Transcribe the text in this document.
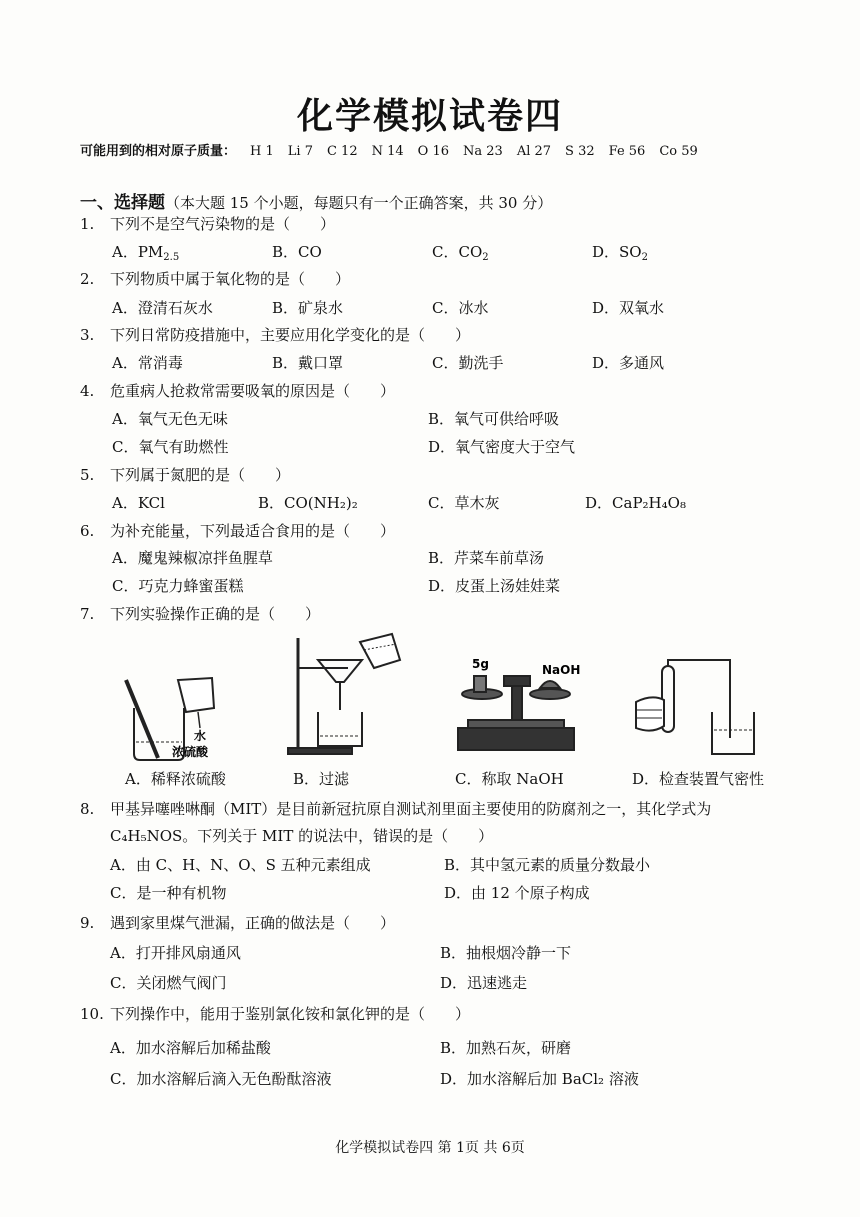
化学模拟试卷四
可能用到的相对原子质量： H 1 Li 7 C 12 N 14 O 16 Na 23 Al 27 S 32 Fe 56 Co 59
一、选择题（本大题 15 个小题，每题只有一个正确答案，共 30 分）
1. 下列不是空气污染物的是（　　）
A．$PM_{2.5}$	B．CO	C．$CO_2$	D．$SO_2$
2. 下列物质中属于氧化物的是（　　）
A．澄清石灰水	B．矿泉水	C．冰水	D．双氧水
3. 下列日常防疫措施中，主要应用化学变化的是（　　）
A．常消毒	B．戴口罩	C．勤洗手	D．多通风
4. 危重病人抢救常需要吸氧的原因是（　　）
A．氧气无色无味	B．氧气可供给呼吸
C．氧气有助燃性	D．氧气密度大于空气
5. 下列属于氮肥的是（　　）
A．KCl	B．CO(NH₂)₂	C．草木灰	D．CaP₂H₄O₈
6. 为补充能量，下列最适合食用的是（　　）
A．魔鬼辣椒凉拌鱼腥草	B．芹菜车前草汤
C．巧克力蜂蜜蛋糕	D．皮蛋上汤娃娃菜
7. 下列实验操作正确的是（　　）
水
浓硫酸
5g	NaOH
A．稀释浓硫酸	B．过滤	C．称取 NaOH	D．检查装置气密性
8. 甲基异噻唑啉酮（MIT）是目前新冠抗原自测试剂里面主要使用的防腐剂之一，其化学式为
C₄H₅NOS。下列关于 MIT 的说法中，错误的是（　　）
A．由 C、H、N、O、S 五种元素组成	B．其中氢元素的质量分数最小
C．是一种有机物	D．由 12 个原子构成
9. 遇到家里煤气泄漏，正确的做法是（　　）
A．打开排风扇通风	B．抽根烟冷静一下
C．关闭燃气阀门	D．迅速逃走
10. 下列操作中，能用于鉴别氯化铵和氯化钾的是（　　）
A．加水溶解后加稀盐酸	B．加熟石灰，研磨
C．加水溶解后滴入无色酚酞溶液	D．加水溶解后加 BaCl₂ 溶液
化学模拟试卷四 第 1页 共 6页
